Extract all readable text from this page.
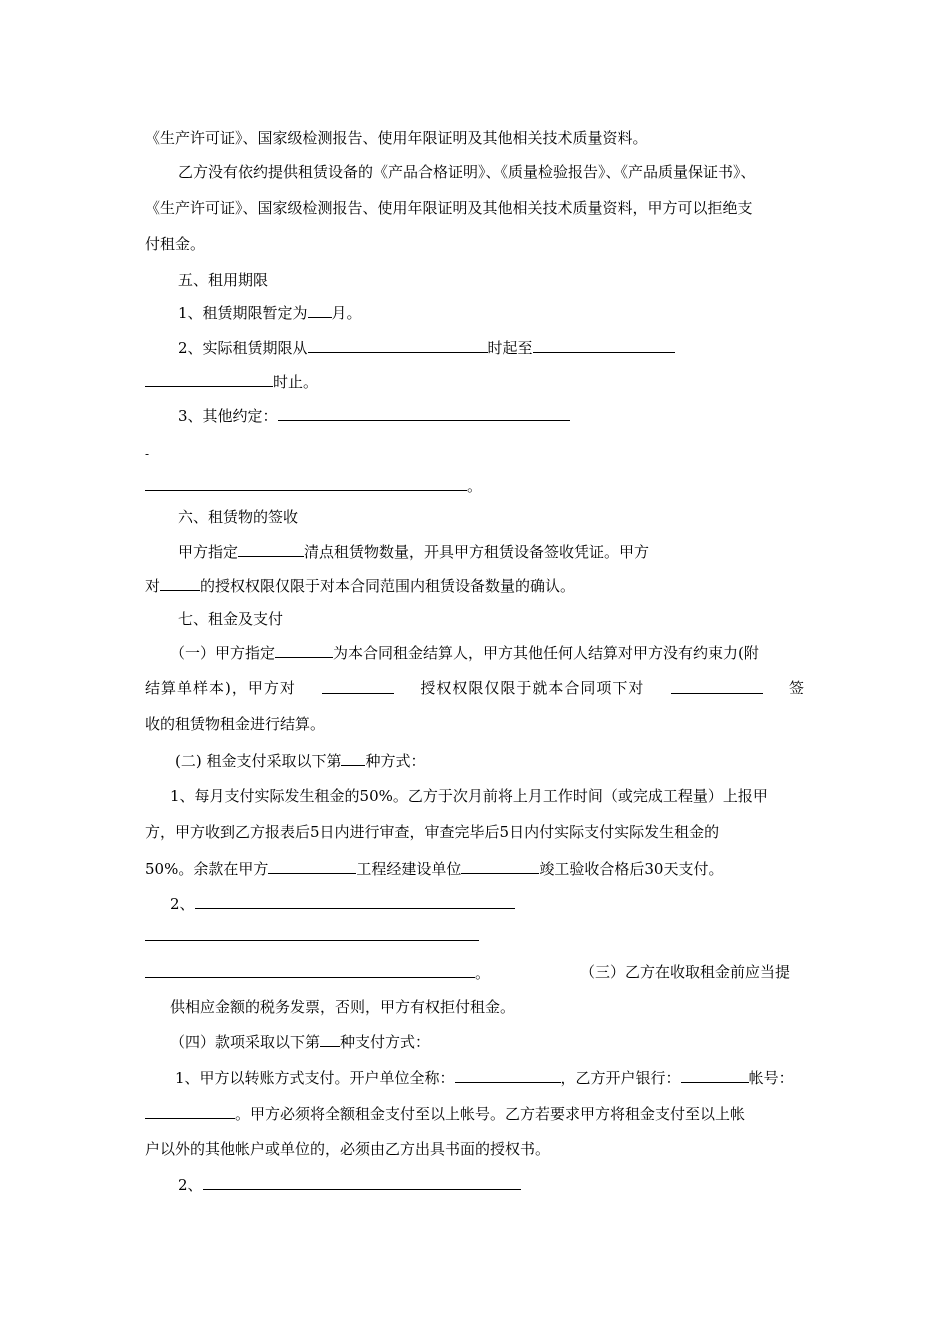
《生产许可证》、国家级检测报告、使用年限证明及其他相关技术质量资料。
乙方没有依约提供租赁设备的《产品合格证明》、《质量检验报告》、《产品质量保证书》、
《生产许可证》、国家级检测报告、使用年限证明及其他相关技术质量资料，甲方可以拒绝支
付租金。
五、租用期限
1、租赁期限暂定为 月。
2、实际租赁期限从	时起至
时止。
3、其他约定：
-
。
六、租赁物的签收
甲方指定	清点租赁物数量，开具甲方租赁设备签收凭证。甲方
对	的授权权限仅限于对本合同范围内租赁设备数量的确认。
七、租金及支付
（一）甲方指定	为本合同租金结算人，甲方其他任何人结算对甲方没有约束力(附
结算单样本)，甲方对	授权权限仅限于就本合同项下对	签
收的租赁物租金进行结算。
(二) 租金支付采取以下第 种方式：
1、每月支付实际发生租金的50%。乙方于次月前将上月工作时间（或完成工程量）上报甲
方，甲方收到乙方报表后5日内进行审查，审查完毕后5日内付实际支付实际发生租金的
50%。余款在甲方	工程经建设单位	竣工验收合格后30天支付。
2、
。	（三）乙方在收取租金前应当提
供相应金额的税务发票，否则，甲方有权拒付租金。
（四）款项采取以下第 种支付方式：
1、甲方以转账方式支付。开户单位全称：	，乙方开户银行：	帐号：
。甲方必须将全额租金支付至以上帐号。乙方若要求甲方将租金支付至以上帐
户以外的其他帐户或单位的，必须由乙方出具书面的授权书。
2、
